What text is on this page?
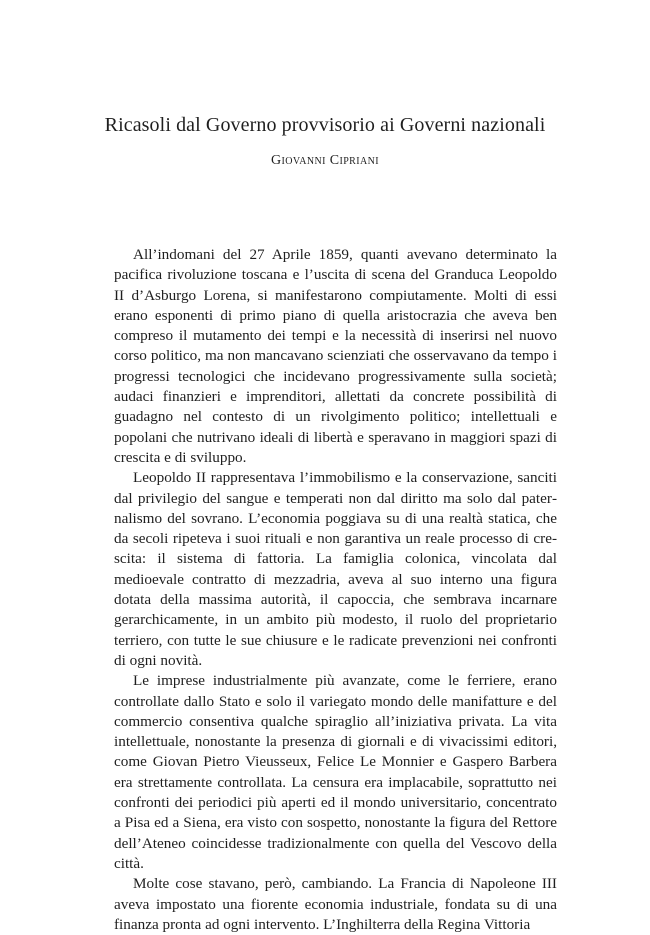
Ricasoli dal Governo provvisorio ai Governi nazionali
Giovanni Cipriani

All’indomani del 27 Aprile 1859, quanti avevano determinato la pacifica rivoluzione toscana e l’uscita di scena del Granduca Leopoldo II d’Asburgo Lorena, si manifestarono compiutamente. Molti di essi erano esponenti di primo piano di quella aristocrazia che aveva ben compreso il mutamento dei tempi e la necessità di inserirsi nel nuovo corso politico, ma non mancavano scienziati che osservavano da tempo i progressi tecnologici che incidevano progressivamente sulla società; audaci finanzieri e imprenditori, allettati da concrete possibilità di guadagno nel contesto di un rivolgimento politico; intellettuali e popolani che nutrivano ideali di libertà e speravano in maggiori spazi di crescita e di sviluppo.

Leopoldo II rappresentava l’immobilismo e la conservazione, sanciti dal privilegio del sangue e temperati non dal diritto ma solo dal paternalismo del sovrano. L’economia poggiava su di una realtà statica, che da secoli ripeteva i suoi rituali e non garantiva un reale processo di crescita: il sistema di fattoria. La famiglia colonica, vincolata dal medioevale contratto di mezzadria, aveva al suo interno una figura dotata della massima autorità, il capoccia, che sembrava incarnare gerarchicamente, in un ambito più modesto, il ruolo del proprietario terriero, con tutte le sue chiusure e le radicate prevenzioni nei confronti di ogni novità.

Le imprese industrialmente più avanzate, come le ferriere, erano controllate dallo Stato e solo il variegato mondo delle manifatture e del commercio consentiva qualche spiraglio all’iniziativa privata. La vita intellettuale, nonostante la presenza di giornali e di vivacissimi editori, come Giovan Pietro Vieusseux, Felice Le Monnier e Gaspero Barbera era strettamente controllata. La censura era implacabile, soprattutto nei confronti dei periodici più aperti ed il mondo universitario, concentrato a Pisa ed a Siena, era visto con sospetto, nonostante la figura del Rettore dell’Ateneo coincidesse tradizionalmente con quella del Vescovo della città.

Molte cose stavano, però, cambiando. La Francia di Napoleone III aveva impostato una fiorente economia industriale, fondata su di una finanza pronta ad ogni intervento. L’Inghilterra della Regina Vittoria
